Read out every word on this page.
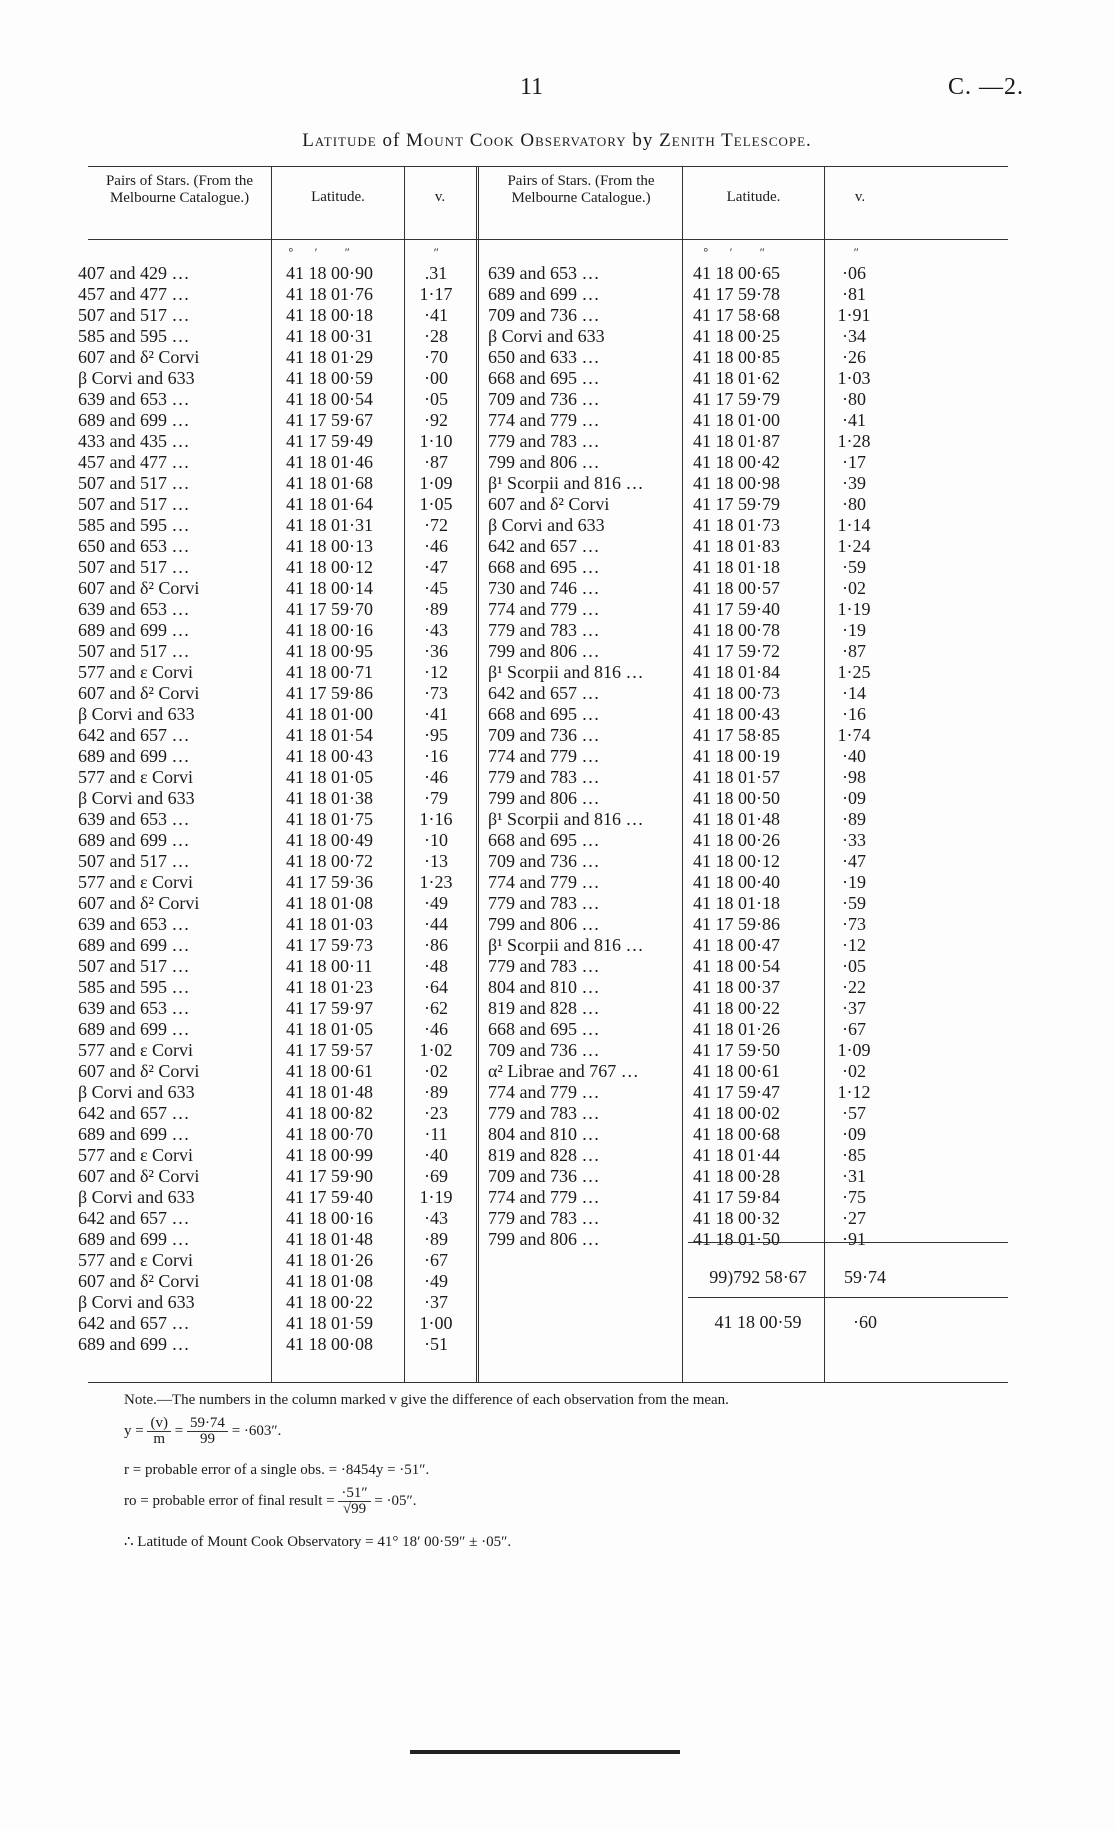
11	C. —2.
Latitude of Mount Cook Observatory by Zenith Telescope.
Pairs of Stars. (From the Melbourne Catalogue.)	Latitude.	v.
Pairs of Stars. (From the Melbourne Catalogue.)	Latitude.	v.
° ′ ″	″	° ′ ″	″
407 and 429 …	41 18 00·90	.31
457 and 477 …	41 18 01·76	1·17
507 and 517 …	41 18 00·18	·41
585 and 595 …	41 18 00·31	·28
607 and δ² Corvi	41 18 01·29	·70
β Corvi and 633	41 18 00·59	·00
639 and 653 …	41 18 00·54	·05
689 and 699 …	41 17 59·67	·92
433 and 435 …	41 17 59·49	1·10
457 and 477 …	41 18 01·46	·87
507 and 517 …	41 18 01·68	1·09
507 and 517 …	41 18 01·64	1·05
585 and 595 …	41 18 01·31	·72
650 and 653 …	41 18 00·13	·46
507 and 517 …	41 18 00·12	·47
607 and δ² Corvi	41 18 00·14	·45
639 and 653 …	41 17 59·70	·89
689 and 699 …	41 18 00·16	·43
507 and 517 …	41 18 00·95	·36
577 and ε Corvi	41 18 00·71	·12
607 and δ² Corvi	41 17 59·86	·73
β Corvi and 633	41 18 01·00	·41
642 and 657 …	41 18 01·54	·95
689 and 699 …	41 18 00·43	·16
577 and ε Corvi	41 18 01·05	·46
β Corvi and 633	41 18 01·38	·79
639 and 653 …	41 18 01·75	1·16
689 and 699 …	41 18 00·49	·10
507 and 517 …	41 18 00·72	·13
577 and ε Corvi	41 17 59·36	1·23
607 and δ² Corvi	41 18 01·08	·49
639 and 653 …	41 18 01·03	·44
689 and 699 …	41 17 59·73	·86
507 and 517 …	41 18 00·11	·48
585 and 595 …	41 18 01·23	·64
639 and 653 …	41 17 59·97	·62
689 and 699 …	41 18 01·05	·46
577 and ε Corvi	41 17 59·57	1·02
607 and δ² Corvi	41 18 00·61	·02
β Corvi and 633	41 18 01·48	·89
642 and 657 …	41 18 00·82	·23
689 and 699 …	41 18 00·70	·11
577 and ε Corvi	41 18 00·99	·40
607 and δ² Corvi	41 17 59·90	·69
β Corvi and 633	41 17 59·40	1·19
642 and 657 …	41 18 00·16	·43
689 and 699 …	41 18 01·48	·89
577 and ε Corvi	41 18 01·26	·67
607 and δ² Corvi	41 18 01·08	·49
β Corvi and 633	41 18 00·22	·37
642 and 657 …	41 18 01·59	1·00
689 and 699 …	41 18 00·08	·51
639 and 653 …	41 18 00·65	·06
689 and 699 …	41 17 59·78	·81
709 and 736 …	41 17 58·68	1·91
β Corvi and 633	41 18 00·25	·34
650 and 633 …	41 18 00·85	·26
668 and 695 …	41 18 01·62	1·03
709 and 736 …	41 17 59·79	·80
774 and 779 …	41 18 01·00	·41
779 and 783 …	41 18 01·87	1·28
799 and 806 …	41 18 00·42	·17
β¹ Scorpii and 816 …	41 18 00·98	·39
607 and δ² Corvi	41 17 59·79	·80
β Corvi and 633	41 18 01·73	1·14
642 and 657 …	41 18 01·83	1·24
668 and 695 …	41 18 01·18	·59
730 and 746 …	41 18 00·57	·02
774 and 779 …	41 17 59·40	1·19
779 and 783 …	41 18 00·78	·19
799 and 806 …	41 17 59·72	·87
β¹ Scorpii and 816 …	41 18 01·84	1·25
642 and 657 …	41 18 00·73	·14
668 and 695 …	41 18 00·43	·16
709 and 736 …	41 17 58·85	1·74
774 and 779 …	41 18 00·19	·40
779 and 783 …	41 18 01·57	·98
799 and 806 …	41 18 00·50	·09
β¹ Scorpii and 816 …	41 18 01·48	·89
668 and 695 …	41 18 00·26	·33
709 and 736 …	41 18 00·12	·47
774 and 779 …	41 18 00·40	·19
779 and 783 …	41 18 01·18	·59
799 and 806 …	41 17 59·86	·73
β¹ Scorpii and 816 …	41 18 00·47	·12
779 and 783 …	41 18 00·54	·05
804 and 810 …	41 18 00·37	·22
819 and 828 …	41 18 00·22	·37
668 and 695 …	41 18 01·26	·67
709 and 736 …	41 17 59·50	1·09
α² Librae and 767 …	41 18 00·61	·02
774 and 779 …	41 17 59·47	1·12
779 and 783 …	41 18 00·02	·57
804 and 810 …	41 18 00·68	·09
819 and 828 …	41 18 01·44	·85
709 and 736 …	41 18 00·28	·31
774 and 779 …	41 17 59·84	·75
779 and 783 …	41 18 00·32	·27
799 and 806 …	41 18 01·50	·91
99)792 58·67	59·74
41 18 00·59	·60
Note.—The numbers in the column marked v give the difference of each observation from the mean.
$y = \frac{(v)}{m} = \frac{59\cdot 74}{99} = \cdot 603''$.
r = probable error of a single obs. = ·8454y = ·51″.
ro = probable error of final result = $\frac{\cdot 51''}{√99} = \cdot 05''$.
∴ Latitude of Mount Cook Observatory = 41° 18′ 00·59″ ± ·05″.
